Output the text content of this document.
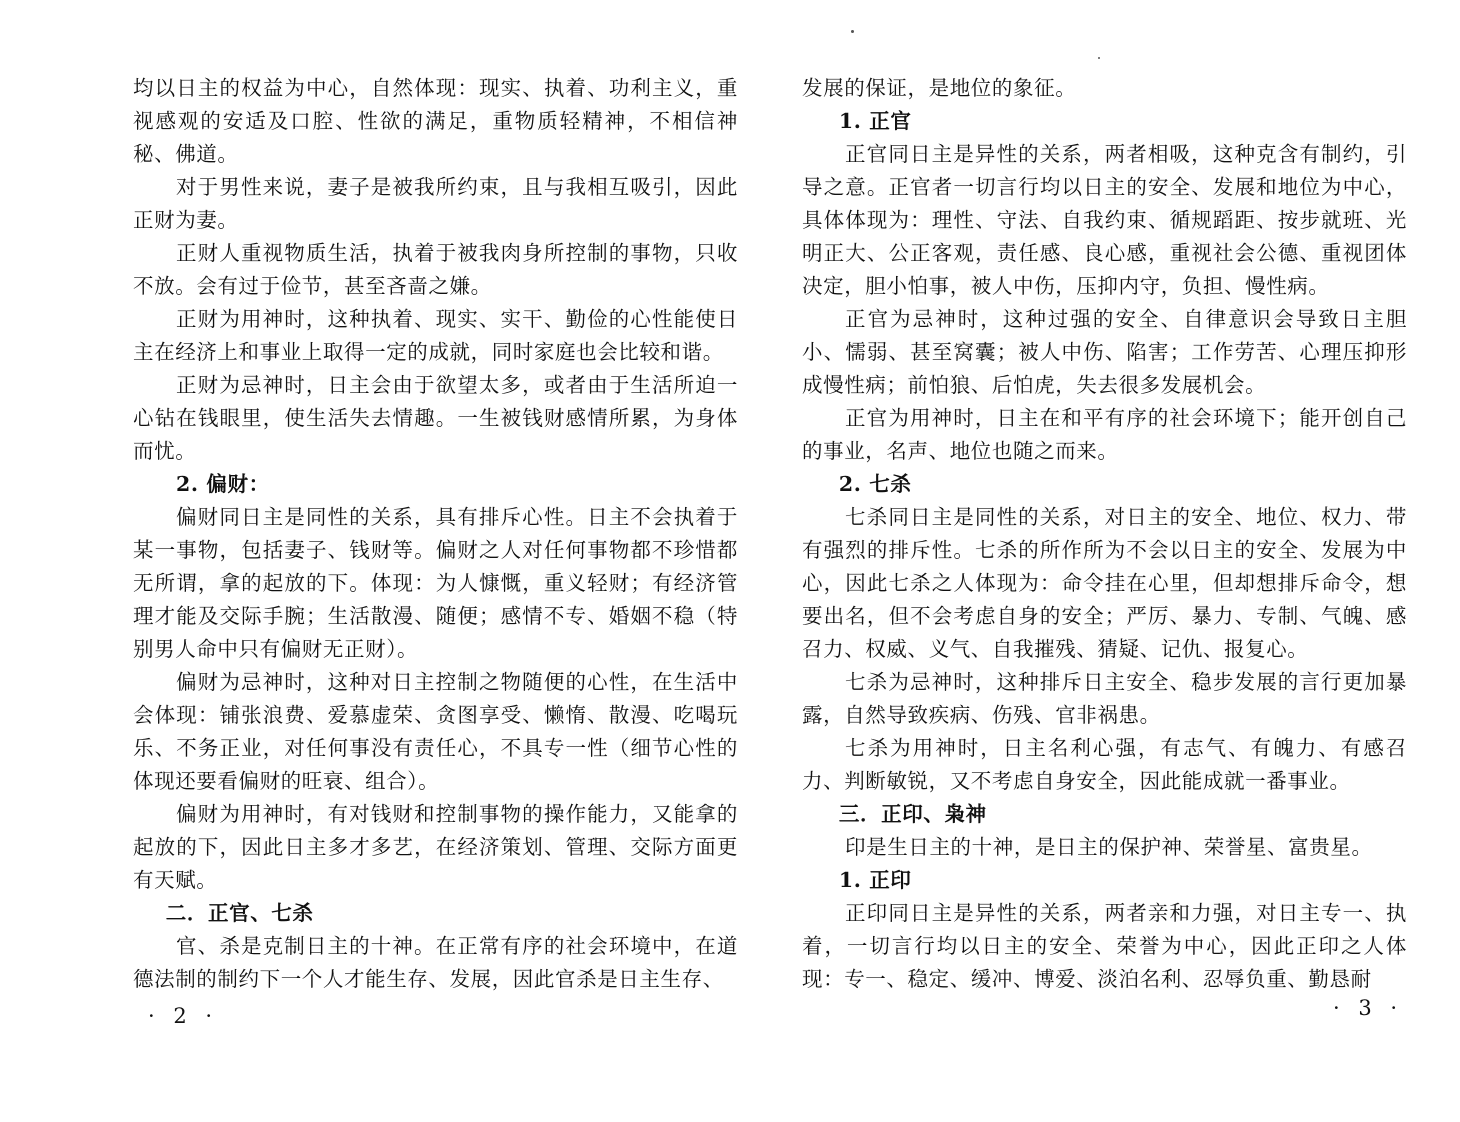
均以日主的权益为中心，自然体现：现实、执着、功利主义，重视感观的安适及口腔、性欲的满足，重物质轻精神，不相信神秘、佛道。

对于男性来说，妻子是被我所约束，且与我相互吸引，因此正财为妻。

正财人重视物质生活，执着于被我肉身所控制的事物，只收不放。会有过于俭节，甚至吝啬之嫌。

正财为用神时，这种执着、现实、实干、勤俭的心性能使日主在经济上和事业上取得一定的成就，同时家庭也会比较和谐。

正财为忌神时，日主会由于欲望太多，或者由于生活所迫一心钻在钱眼里，使生活失去情趣。一生被钱财感情所累，为身体而忧。

2. 偏财：

偏财同日主是同性的关系，具有排斥心性。日主不会执着于某一事物，包括妻子、钱财等。偏财之人对任何事物都不珍惜都无所谓，拿的起放的下。体现：为人慷慨，重义轻财；有经济管理才能及交际手腕；生活散漫、随便；感情不专、婚姻不稳（特别男人命中只有偏财无正财）。

偏财为忌神时，这种对日主控制之物随便的心性，在生活中会体现：铺张浪费、爱慕虚荣、贪图享受、懒惰、散漫、吃喝玩乐、不务正业，对任何事没有责任心，不具专一性（细节心性的体现还要看偏财的旺衰、组合）。

偏财为用神时，有对钱财和控制事物的操作能力，又能拿的起放的下，因此日主多才多艺，在经济策划、管理、交际方面更有天赋。

二．正官、七杀

官、杀是克制日主的十神。在正常有序的社会环境中，在道德法制的制约下一个人才能生存、发展，因此官杀是日主生存、

· 2 ·

发展的保证，是地位的象征。

1. 正官

正官同日主是异性的关系，两者相吸，这种克含有制约，引导之意。正官者一切言行均以日主的安全、发展和地位为中心，具体体现为：理性、守法、自我约束、循规蹈距、按步就班、光明正大、公正客观，责任感、良心感，重视社会公德、重视团体决定，胆小怕事，被人中伤，压抑内守，负担、慢性病。

正官为忌神时，这种过强的安全、自律意识会导致日主胆小、懦弱、甚至窝囊；被人中伤、陷害；工作劳苦、心理压抑形成慢性病；前怕狼、后怕虎，失去很多发展机会。

正官为用神时，日主在和平有序的社会环境下；能开创自己的事业，名声、地位也随之而来。

2. 七杀

七杀同日主是同性的关系，对日主的安全、地位、权力、带有强烈的排斥性。七杀的所作所为不会以日主的安全、发展为中心，因此七杀之人体现为：命令挂在心里，但却想排斥命令，想要出名，但不会考虑自身的安全；严厉、暴力、专制、气魄、感召力、权威、义气、自我摧残、猜疑、记仇、报复心。

七杀为忌神时，这种排斥日主安全、稳步发展的言行更加暴露，自然导致疾病、伤残、官非祸患。

七杀为用神时，日主名利心强，有志气、有魄力、有感召力、判断敏锐，又不考虑自身安全，因此能成就一番事业。

三．正印、枭神

印是生日主的十神，是日主的保护神、荣誉星、富贵星。

1. 正印

正印同日主是异性的关系，两者亲和力强，对日主专一、执着，一切言行均以日主的安全、荣誉为中心，因此正印之人体现：专一、稳定、缓冲、博爱、淡泊名利、忍辱负重、勤恳耐

· 3 ·
